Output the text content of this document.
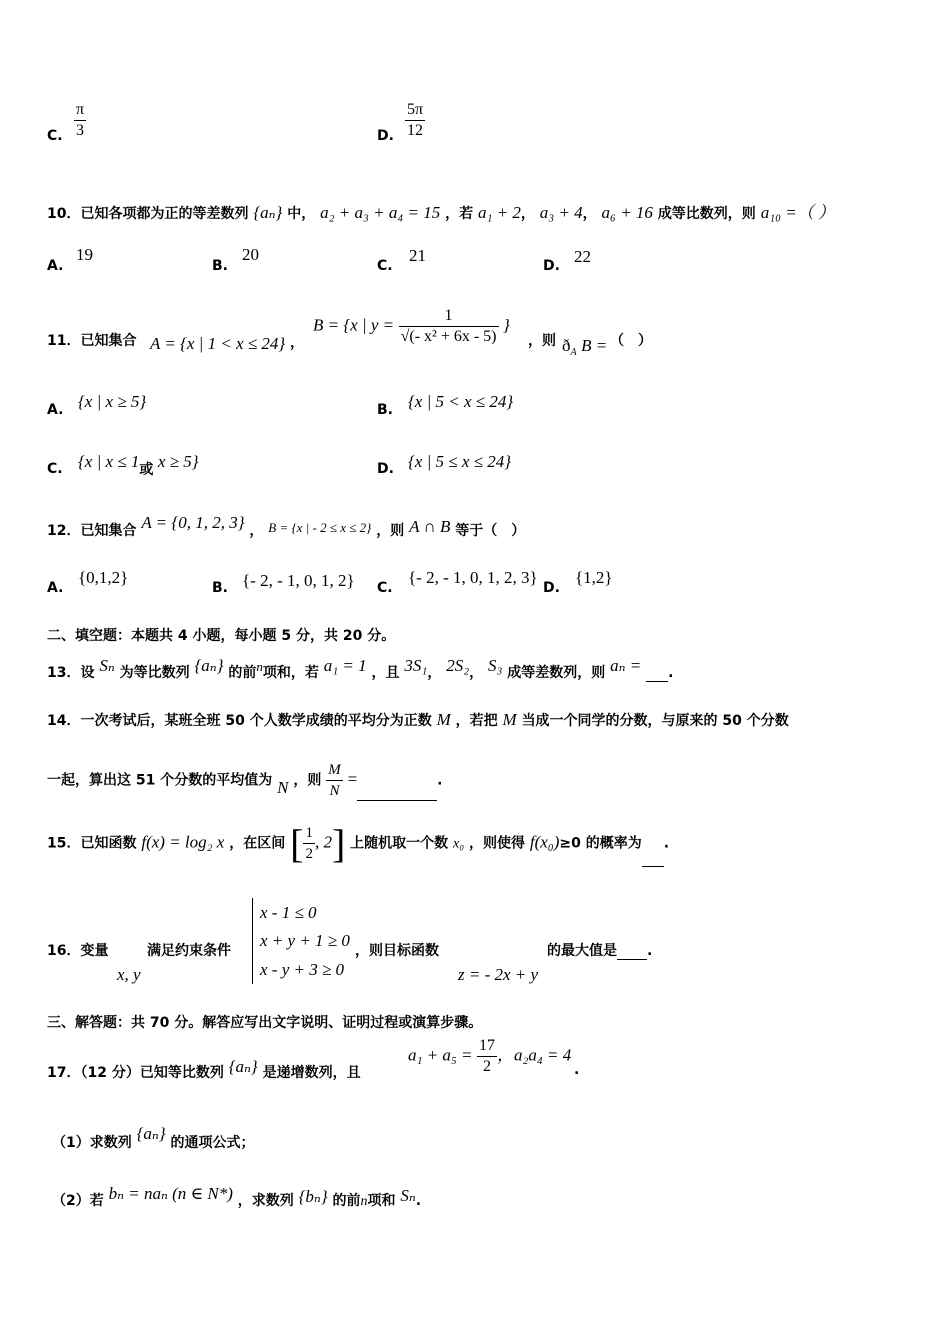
C. $\frac{\pi}{3}$	D. $\frac{5\pi}{12}$
10．已知各项都为正的等差数列 {aₙ} 中， a₂ + a₃ + a₄ = 15 ，若 a₁ + 2， a₃ + 4， a₆ + 16 成等比数列，则 a₁₀ =（ ）
A.
19
B.
20
C.
21
D. 22
11．已知集合 A = {x | 1 < x ≤ 24} ，
B = {x | $y = \frac{1}{\text{√(- x² + 6x - 5)}}$ }
，则 $ð_A$ B = （　）
A. {x | x ≥ 5}	B. {x | 5 < x ≤ 24}
C. {x | x ≤ 1或 x ≥ 5}	D. {x | 5 ≤ x ≤ 24}
12．已知集合 A = {0, 1, 2, 3} ， B = {x | - 2 ≤ x ≤ 2} ，则 A ∩ B 等于（　）
A.
{0,1,2}
B. {- 2, - 1, 0, 1, 2} C.
{- 2, - 1, 0, 1, 2, 3}
D.
{1,2}
二、填空题：本题共 4 小题，每小题 5 分，共 20 分。
13．设 Sₙ 为等比数列 {aₙ} 的前n项和，若 a₁ = 1 ，且 3S₁， 2S₂， S₃ 成等差数列，则 aₙ = .
14．一次考试后，某班全班 50 个人数学成绩的平均分为正数 M ，若把 M 当成一个同学的分数，与原来的 50 个分数
一起，算出这 51 个分数的平均值为 N ，则 $\frac{M}{N}$ =	.
15．已知函数 f(x) = log₂ x ，在区间 [ $\frac{1}{2}$ , 2] 上随机取一个数 x₀ ，则使得 f(x₀)≥0 的概率为 .
16．变量
x, y
满足约束条件
x - 1 ≤ 0
x + y + 1 ≥ 0
x - y + 3 ≥ 0
，则目标函数
z = - 2x + y
的最大值是 .
三、解答题：共 70 分。解答应写出文字说明、证明过程或演算步骤。
17．（12 分）已知等比数列 {aₙ} 是递增数列，且
$a_1 + a_5 = \frac{17}{2}$ ，a₂a₄ = 4
.
（1）求数列 {aₙ} 的通项公式；
（2）若 bₙ = naₙ (n ∈ N*) ，求数列 {bₙ} 的前n项和 Sₙ.
